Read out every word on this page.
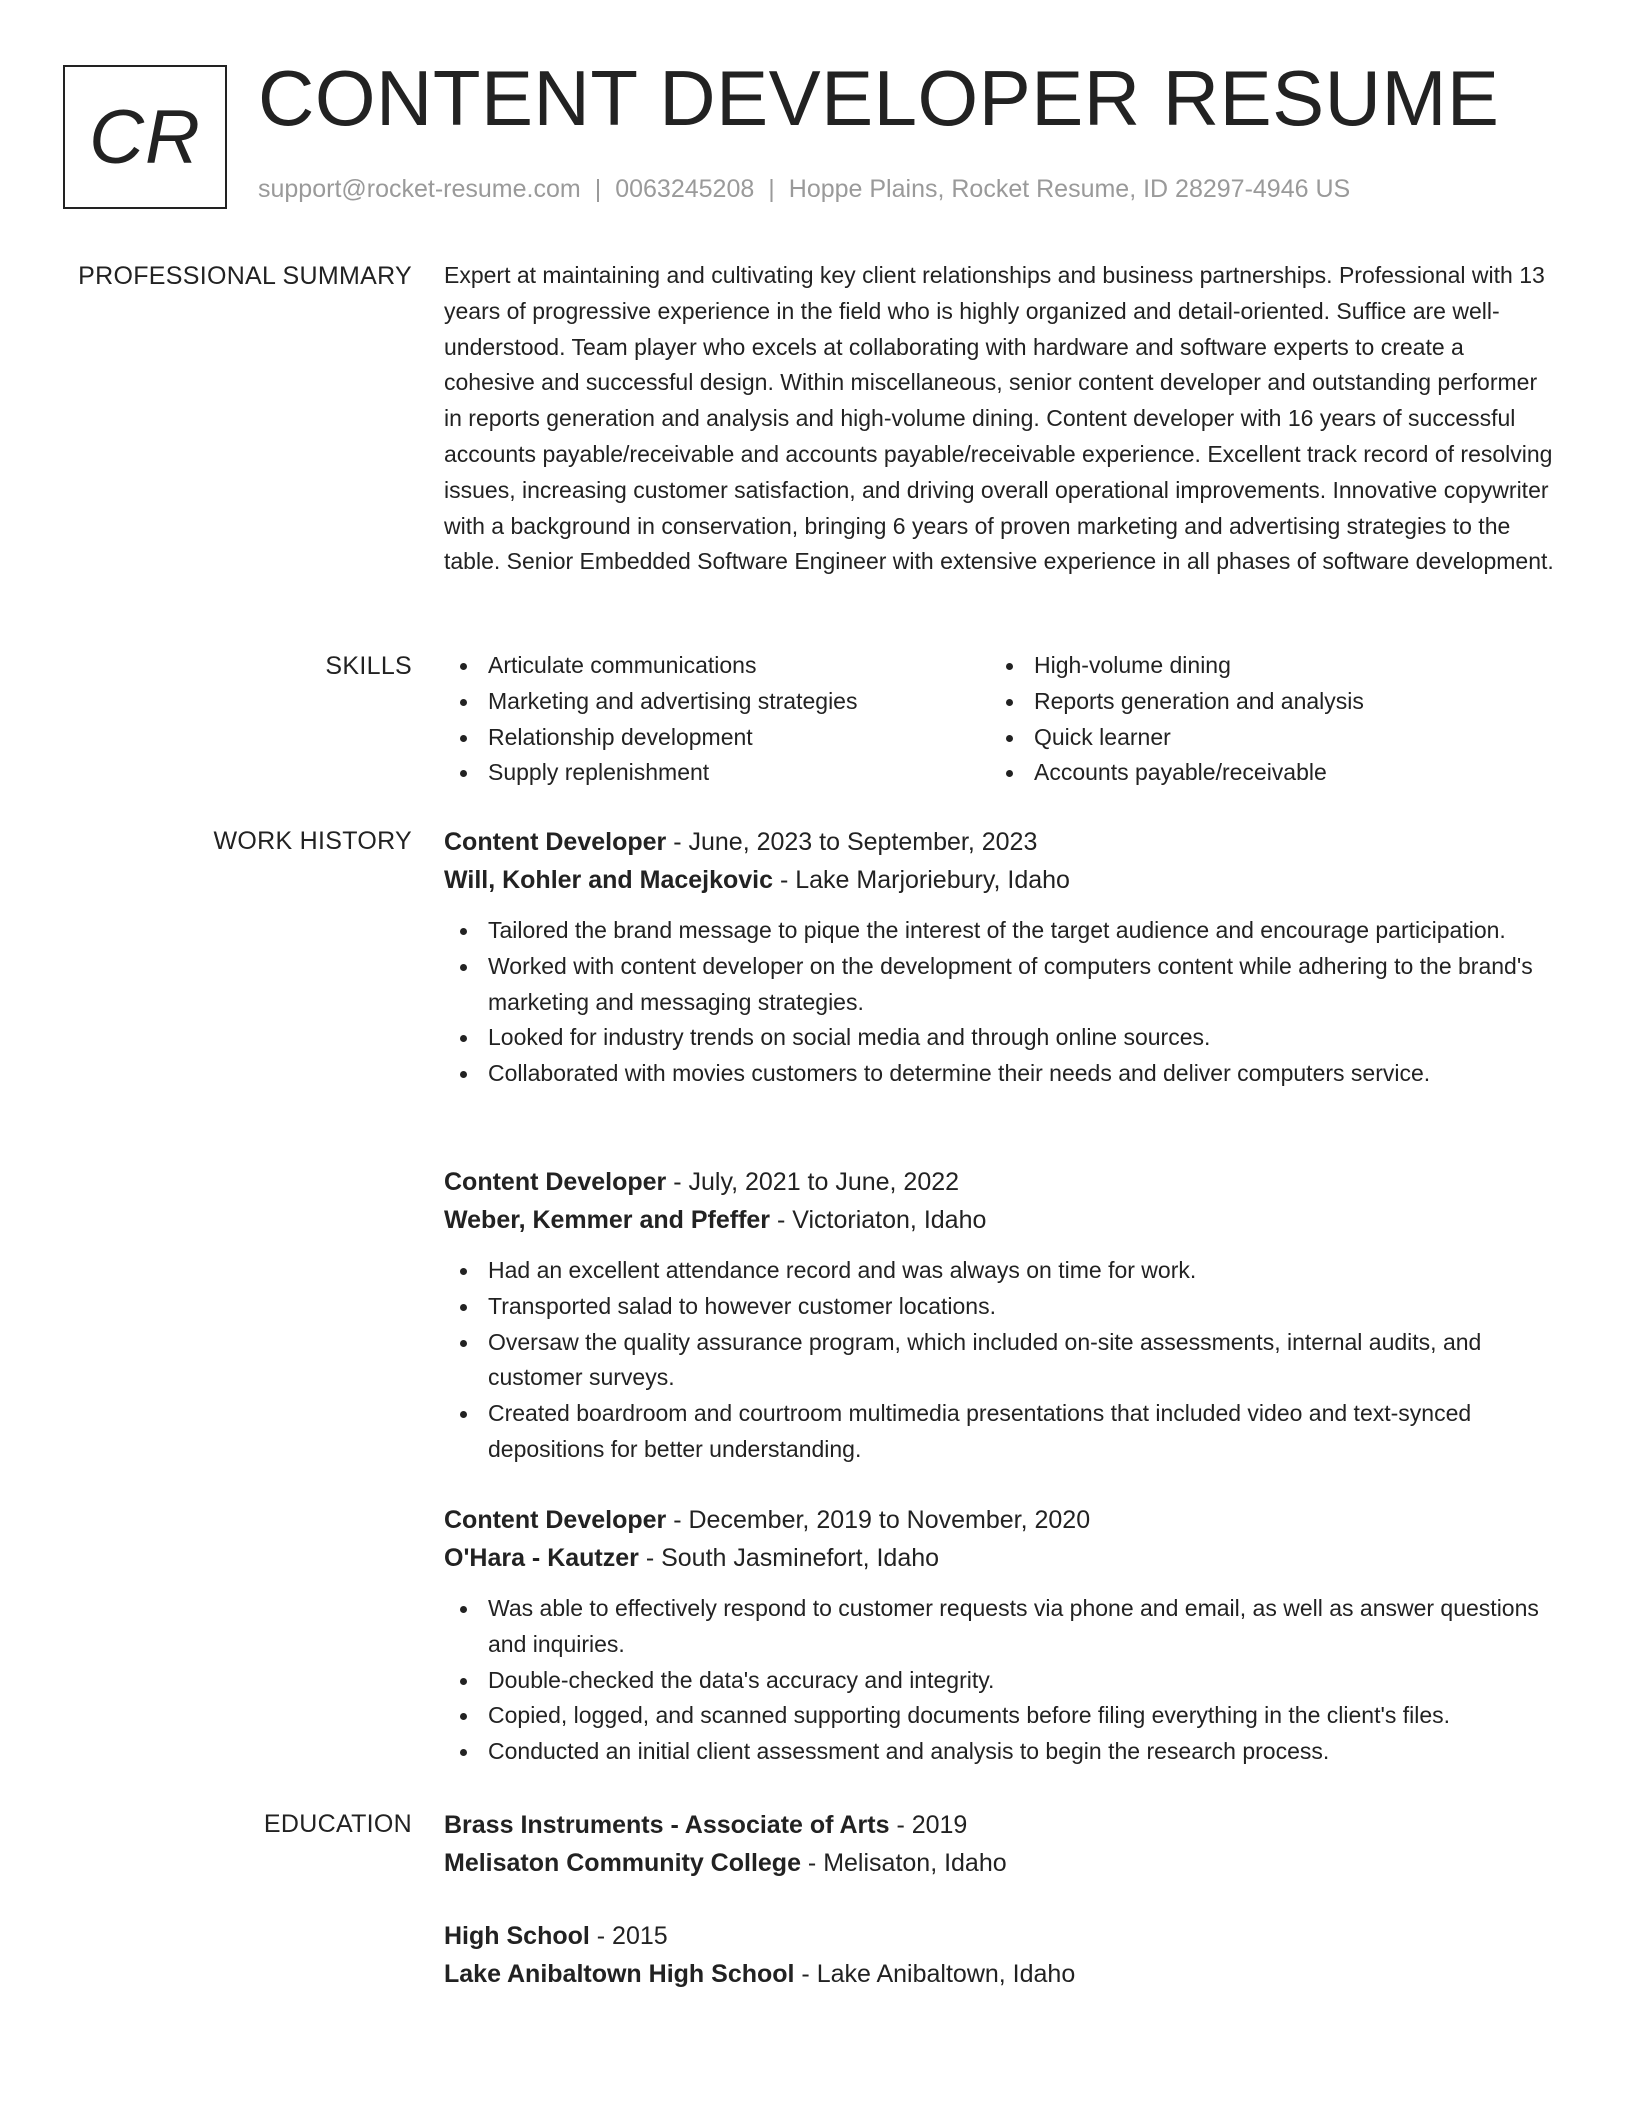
CR CONTENT DEVELOPER RESUME
support@rocket-resume.com | 0063245208 | Hoppe Plains, Rocket Resume, ID 28297-4946 US
PROFESSIONAL SUMMARY Expert at maintaining and cultivating key client relationships and business partnerships. Professional with 13 years of progressive experience in the field who is highly organized and detail-oriented. Suffice are well-understood. Team player who excels at collaborating with hardware and software experts to create a cohesive and successful design. Within miscellaneous, senior content developer and outstanding performer in reports generation and analysis and high-volume dining. Content developer with 16 years of successful accounts payable/receivable and accounts payable/receivable experience. Excellent track record of resolving issues, increasing customer satisfaction, and driving overall operational improvements. Innovative copywriter with a background in conservation, bringing 6 years of proven marketing and advertising strategies to the table. Senior Embedded Software Engineer with extensive experience in all phases of software development.
SKILLS	Articulate communications
Marketing and advertising strategies
Relationship development
Supply replenishment
High-volume dining
Reports generation and analysis
Quick learner
Accounts payable/receivable
WORK HISTORY Content Developer - June, 2023 to September, 2023
Will, Kohler and Macejkovic - Lake Marjoriebury, Idaho
Tailored the brand message to pique the interest of the target audience and encourage participation.
Worked with content developer on the development of computers content while adhering to the brand's marketing and messaging strategies.
Looked for industry trends on social media and through online sources.
Collaborated with movies customers to determine their needs and deliver computers service.
Content Developer - July, 2021 to June, 2022
Weber, Kemmer and Pfeffer - Victoriaton, Idaho
Had an excellent attendance record and was always on time for work.
Transported salad to however customer locations.
Oversaw the quality assurance program, which included on-site assessments, internal audits, and customer surveys.
Created boardroom and courtroom multimedia presentations that included video and text-synced depositions for better understanding.
Content Developer - December, 2019 to November, 2020
O'Hara - Kautzer - South Jasminefort, Idaho
Was able to effectively respond to customer requests via phone and email, as well as answer questions and inquiries.
Double-checked the data's accuracy and integrity.
Copied, logged, and scanned supporting documents before filing everything in the client's files.
Conducted an initial client assessment and analysis to begin the research process.
EDUCATION Brass Instruments - Associate of Arts - 2019
Melisaton Community College - Melisaton, Idaho
High School - 2015
Lake Anibaltown High School - Lake Anibaltown, Idaho
